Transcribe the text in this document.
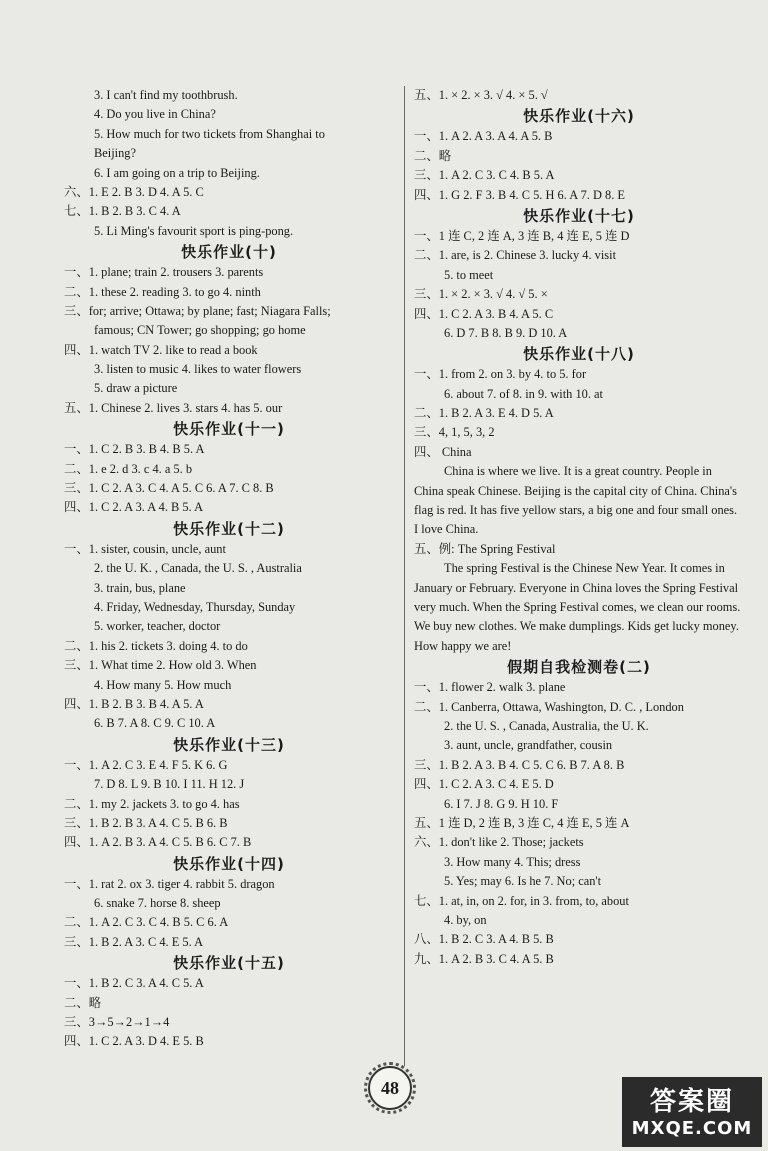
3. I can't find my toothbrush.
4. Do you live in China?
5. How much for two tickets from Shanghai to
Beijing?
6. I am going on a trip to Beijing.
六、1. E 2. B 3. D 4. A 5. C
七、1. B 2. B 3. C 4. A
5. Li Ming's favourit sport is ping-pong.
快乐作业(十)
一、1. plane; train 2. trousers 3. parents
二、1. these 2. reading 3. to go 4. ninth
三、for; arrive; Ottawa; by plane; fast; Niagara Falls;
famous; CN Tower; go shopping; go home
四、1. watch TV 2. like to read a book
3. listen to music 4. likes to water flowers
5. draw a picture
五、1. Chinese 2. lives 3. stars 4. has 5. our
快乐作业(十一)
一、1. C 2. B 3. B 4. B 5. A
二、1. e 2. d 3. c 4. a 5. b
三、1. C 2. A 3. C 4. A 5. C 6. A 7. C 8. B
四、1. C 2. A 3. A 4. B 5. A
快乐作业(十二)
一、1. sister, cousin, uncle, aunt
2. the U. K. , Canada, the U. S. , Australia
3. train, bus, plane
4. Friday, Wednesday, Thursday, Sunday
5. worker, teacher, doctor
二、1. his 2. tickets 3. doing 4. to do
三、1. What time 2. How old 3. When
4. How many 5. How much
四、1. B 2. B 3. B 4. A 5. A
6. B 7. A 8. C 9. C 10. A
快乐作业(十三)
一、1. A 2. C 3. E 4. F 5. K 6. G
7. D 8. L 9. B 10. I 11. H 12. J
二、1. my 2. jackets 3. to go 4. has
三、1. B 2. B 3. A 4. C 5. B 6. B
四、1. A 2. B 3. A 4. C 5. B 6. C 7. B
快乐作业(十四)
一、1. rat 2. ox 3. tiger 4. rabbit 5. dragon
6. snake 7. horse 8. sheep
二、1. A 2. C 3. C 4. B 5. C 6. A
三、1. B 2. A 3. C 4. E 5. A
快乐作业(十五)
一、1. B 2. C 3. A 4. C 5. A
二、略
三、3→5→2→1→4
四、1. C 2. A 3. D 4. E 5. B
五、1. × 2. × 3. √ 4. × 5. √
快乐作业(十六)
一、1. A 2. A 3. A 4. A 5. B
二、略
三、1. A 2. C 3. C 4. B 5. A
四、1. G 2. F 3. B 4. C 5. H 6. A 7. D 8. E
快乐作业(十七)
一、1 连 C, 2 连 A, 3 连 B, 4 连 E, 5 连 D
二、1. are, is 2. Chinese 3. lucky 4. visit
5. to meet
三、1. × 2. × 3. √ 4. √ 5. ×
四、1. C 2. A 3. B 4. A 5. C
6. D 7. B 8. B 9. D 10. A
快乐作业(十八)
一、1. from 2. on 3. by 4. to 5. for
6. about 7. of 8. in 9. with 10. at
二、1. B 2. A 3. E 4. D 5. A
三、4, 1, 5, 3, 2
四、 China
China is where we live. It is a great country. People in China speak Chinese. Beijing is the capital city of China. China's flag is red. It has five yellow stars, a big one and four small ones. I love China.
五、例: The Spring Festival
The spring Festival is the Chinese New Year. It comes in January or February. Everyone in China loves the Spring Festival very much. When the Spring Festival comes, we clean our rooms. We buy new clothes. We make dumplings. Kids get lucky money. How happy we are!
假期自我检测卷(二)
一、1. flower 2. walk 3. plane
二、1. Canberra, Ottawa, Washington, D. C. , London
2. the U. S. , Canada, Australia, the U. K.
3. aunt, uncle, grandfather, cousin
三、1. B 2. A 3. B 4. C 5. C 6. B 7. A 8. B
四、1. C 2. A 3. C 4. E 5. D
6. I 7. J 8. G 9. H 10. F
五、1 连 D, 2 连 B, 3 连 C, 4 连 E, 5 连 A
六、1. don't like 2. Those; jackets
3. How many 4. This; dress
5. Yes; may 6. Is he 7. No; can't
七、1. at, in, on 2. for, in 3. from, to, about
4. by, on
八、1. B 2. C 3. A 4. B 5. B
九、1. A 2. B 3. C 4. A 5. B
48	答案圈
MXQE.COM
